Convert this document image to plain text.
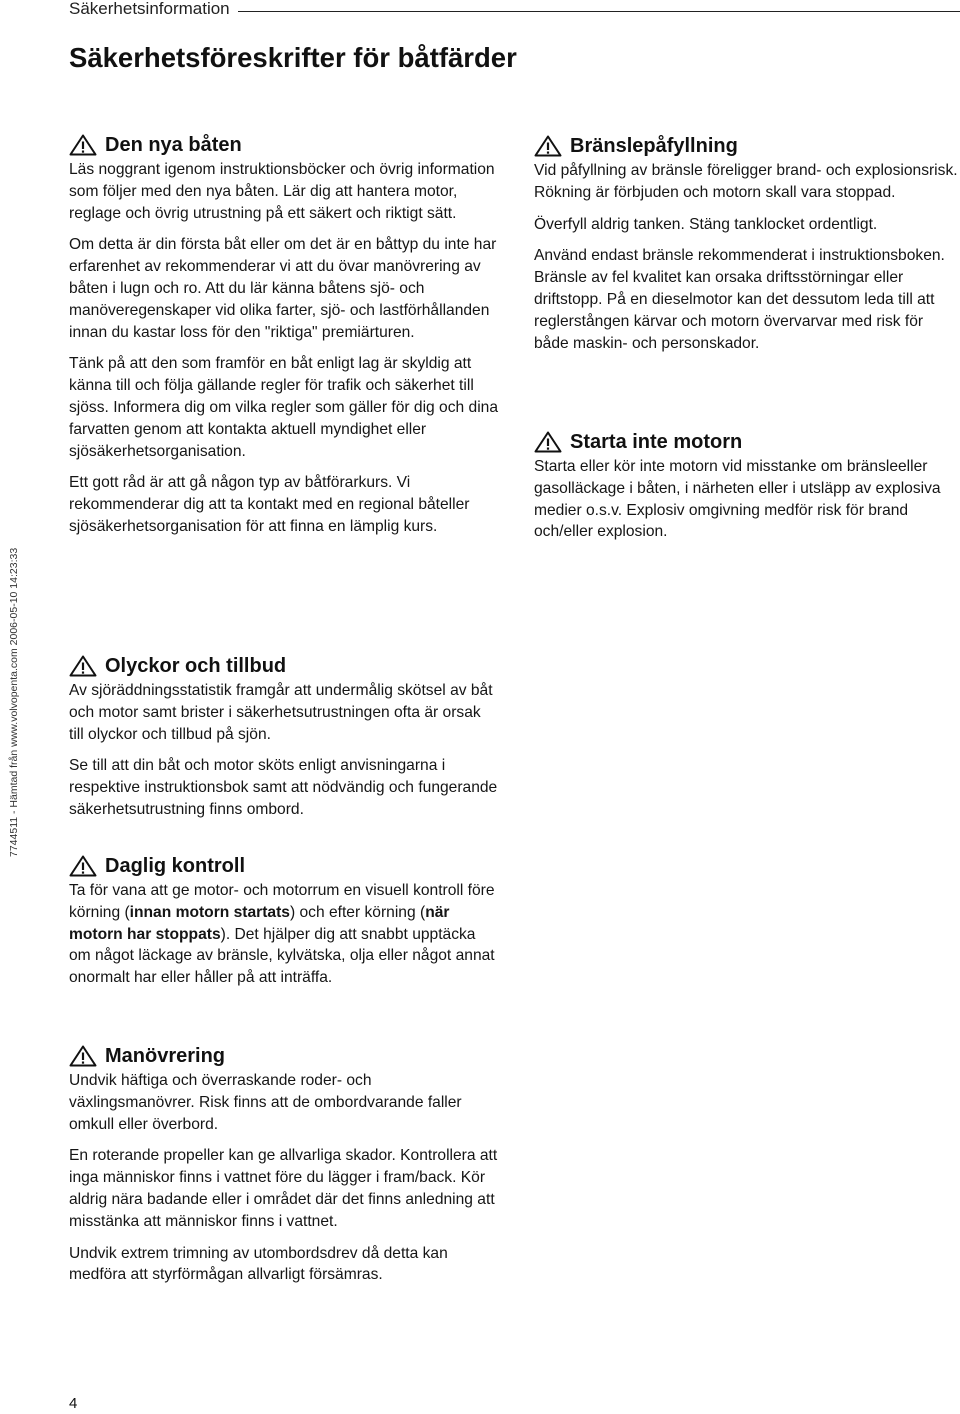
Säkerhetsinformation
Säkerhetsföreskrifter för båtfärder
7744511 - Hämtad från www.volvopenta.com 2006-05-10 14:23:33
Den nya båten

Läs noggrant igenom instruktionsböcker och övrig information som följer med den nya båten. Lär dig att hantera motor, reglage och övrig utrustning på ett säkert och riktigt sätt.

Om detta är din första båt eller om det är en båttyp du inte har erfarenhet av rekommenderar vi att du övar manövrering av båten i lugn och ro. Att du lär känna båtens sjö- och manöveregenskaper vid olika farter, sjö- och lastförhållanden innan du kastar loss för den "riktiga" premiärturen.

Tänk på att den som framför en båt enligt lag är skyldig att känna till och följa gällande regler för trafik och säkerhet till sjöss. Informera dig om vilka regler som gäller för dig och dina farvatten genom att kontakta aktuell myndighet eller sjösäkerhetsorganisation.

Ett gott råd är att gå någon typ av båtförarkurs. Vi rekommenderar dig att ta kontakt med en regional båteller sjösäkerhetsorganisation för att finna en lämplig kurs.

Olyckor och tillbud

Av sjöräddningsstatistik framgår att undermålig skötsel av båt och motor samt brister i säkerhetsutrustningen ofta är orsak till olyckor och tillbud på sjön.

Se till att din båt och motor sköts enligt anvisningarna i respektive instruktionsbok samt att nödvändig och fungerande säkerhetsutrustning finns ombord.

Daglig kontroll

Ta för vana att ge motor- och motorrum en visuell kontroll före körning (innan motorn startats) och efter körning (när motorn har stoppats). Det hjälper dig att snabbt upptäcka om något läckage av bränsle, kylvätska, olja eller något annat onormalt har eller håller på att inträffa.

Manövrering

Undvik häftiga och överraskande roder- och växlingsmanövrer. Risk finns att de ombordvarande faller omkull eller överbord.

En roterande propeller kan ge allvarliga skador. Kontrollera att inga människor finns i vattnet före du lägger i fram/back. Kör aldrig nära badande eller i området där det finns anledning att misstänka att människor finns i vattnet.

Undvik extrem trimning av utombordsdrev då detta kan medföra att styrförmågan allvarligt försämras.

Bränslepåfyllning

Vid påfyllning av bränsle föreligger brand- och explosionsrisk. Rökning är förbjuden och motorn skall vara stoppad.

Överfyll aldrig tanken. Stäng tanklocket ordentligt.

Använd endast bränsle rekommenderat i instruktionsboken. Bränsle av fel kvalitet kan orsaka driftsstörningar eller driftstopp. På en dieselmotor kan det dessutom leda till att reglerstången kärvar och motorn övervarvar med risk för både maskin- och personskador.

Starta inte motorn

Starta eller kör inte motorn vid misstanke om bränsleeller gasolläckage i båten, i närheten eller i utsläpp av explosiva medier o.s.v. Explosiv omgivning medför risk för brand och/eller explosion.

4
